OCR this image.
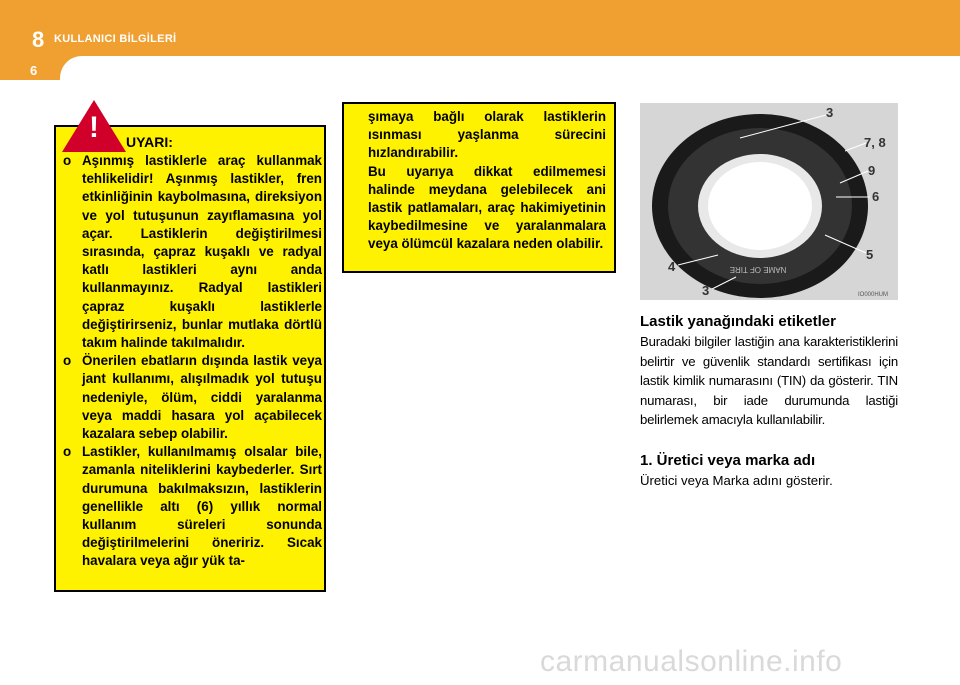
8 KULLANICI BİLGİLERİ
6
!	UYARI:
o Aşınmış lastiklerle araç kullanmak tehlikelidir! Aşınmış lastikler, fren etkinliğinin kaybolmasına, direksiyon ve yol tutuşunun zayıflamasına yol açar. Lastiklerin değiştirilmesi sırasında, çapraz kuşaklı ve radyal katlı lastikleri aynı anda kullanmayınız. Radyal lastikleri çapraz kuşaklı lastiklerle değiştirirseniz, bunlar mutlaka dörtlü takım halinde takılmalıdır.
o Önerilen ebatların dışında lastik veya jant kullanımı, alışılmadık yol tutuşu nedeniyle, ölüm, ciddi yaralanma veya maddi hasara yol açabilecek kazalara sebep olabilir.
o Lastikler, kullanılmamış olsalar bile, zamanla niteliklerini kaybederler. Sırt durumuna bakılmaksızın, lastiklerin genellikle altı (6) yıllık normal kullanım süreleri sonunda değiştirilmelerini öneririz. Sıcak havalara veya ağır yük ta-

şımaya bağlı olarak lastiklerin ısınması yaşlanma sürecini hızlandırabilir.

Bu uyarıya dikkat edilmemesi halinde meydana gelebilecek ani lastik patlamaları, araç hakimiyetinin kaybedilmesine ve yaralanmalara veya ölümcül kazalara neden olabilir.

NAME OF TIRE
3
7, 8
9
6
5
4
3	IO000HUM
Lastik yanağındaki etiketler

Buradaki bilgiler lastiğin ana karakteristiklerini belirtir ve güvenlik standardı sertifikası için lastik kimlik numarasını (TIN) da gösterir. TIN numarası, bir iade durumunda lastiği belirlemek amacıyla kullanılabilir.

1. Üretici veya marka adı

Üretici veya Marka adını gösterir.

carmanualsonline.info
